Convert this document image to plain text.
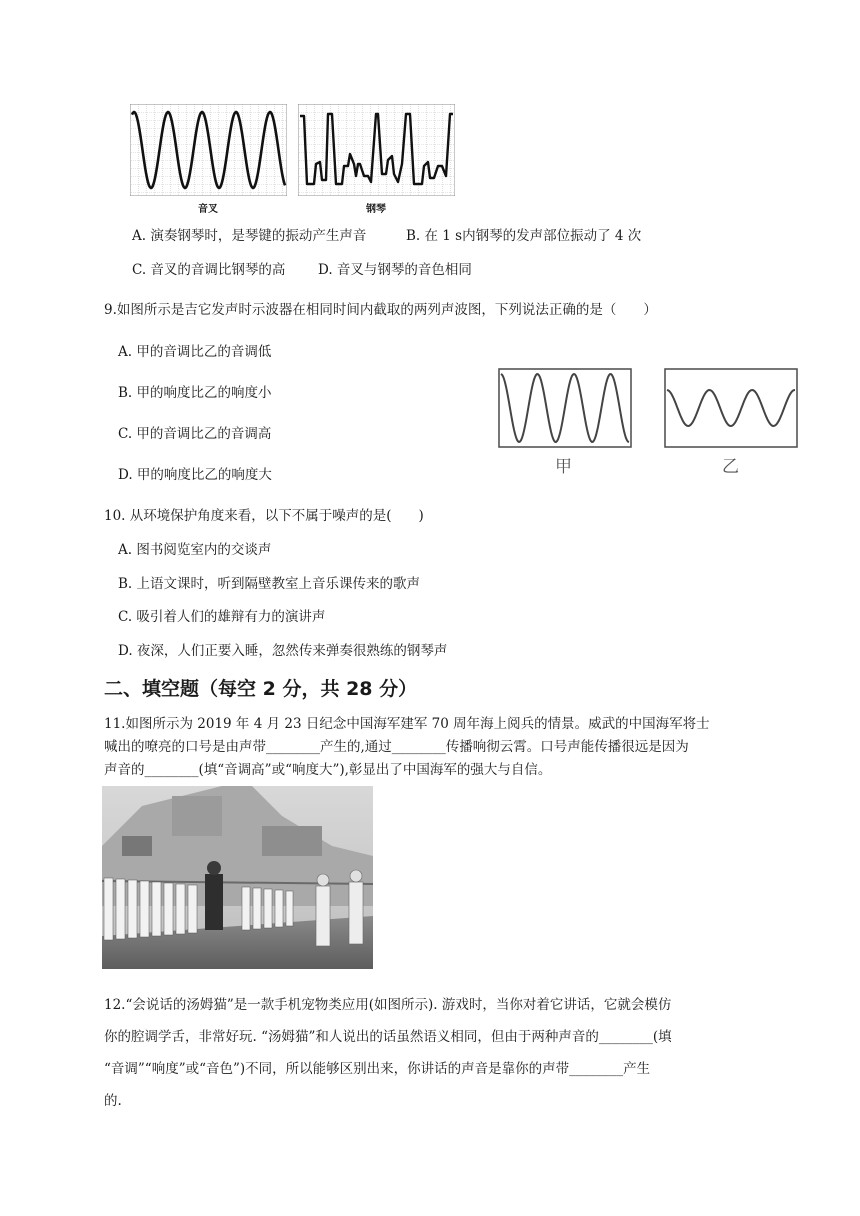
音叉	钢琴
A. 演奏钢琴时，是琴键的振动产生声音	B. 在 1 s内钢琴的发声部位振动了 4 次
C. 音叉的音调比钢琴的高 D. 音叉与钢琴的音色相同
9.如图所示是吉它发声时示波器在相同时间内截取的两列声波图，下列说法正确的是（　　）
A. 甲的音调比乙的音调低
B. 甲的响度比乙的响度小
C. 甲的音调比乙的音调高
D. 甲的响度比乙的响度大	甲	乙
10. 从环境保护角度来看，以下不属于噪声的是(　　)
A. 图书阅览室内的交谈声
B. 上语文课时，听到隔壁教室上音乐课传来的歌声
C. 吸引着人们的雄辩有力的演讲声
D. 夜深，人们正要入睡，忽然传来弹奏很熟练的钢琴声
二、填空题（每空 2 分，共 28 分）
11.如图所示为 2019 年 4 月 23 日纪念中国海军建军 70 周年海上阅兵的情景。威武的中国海军将士
喊出的嘹亮的口号是由声带________产生的,通过________传播响彻云霄。口号声能传播很远是因为
声音的________(填“音调高”或“响度大”),彰显出了中国海军的强大与自信。
12.“会说话的汤姆猫”是一款手机宠物类应用(如图所示). 游戏时，当你对着它讲话，它就会模仿
你的腔调学舌，非常好玩. “汤姆猫”和人说出的话虽然语义相同，但由于两种声音的________(填
“音调”“响度”或“音色”)不同，所以能够区别出来，你讲话的声音是靠你的声带________产生
的.
